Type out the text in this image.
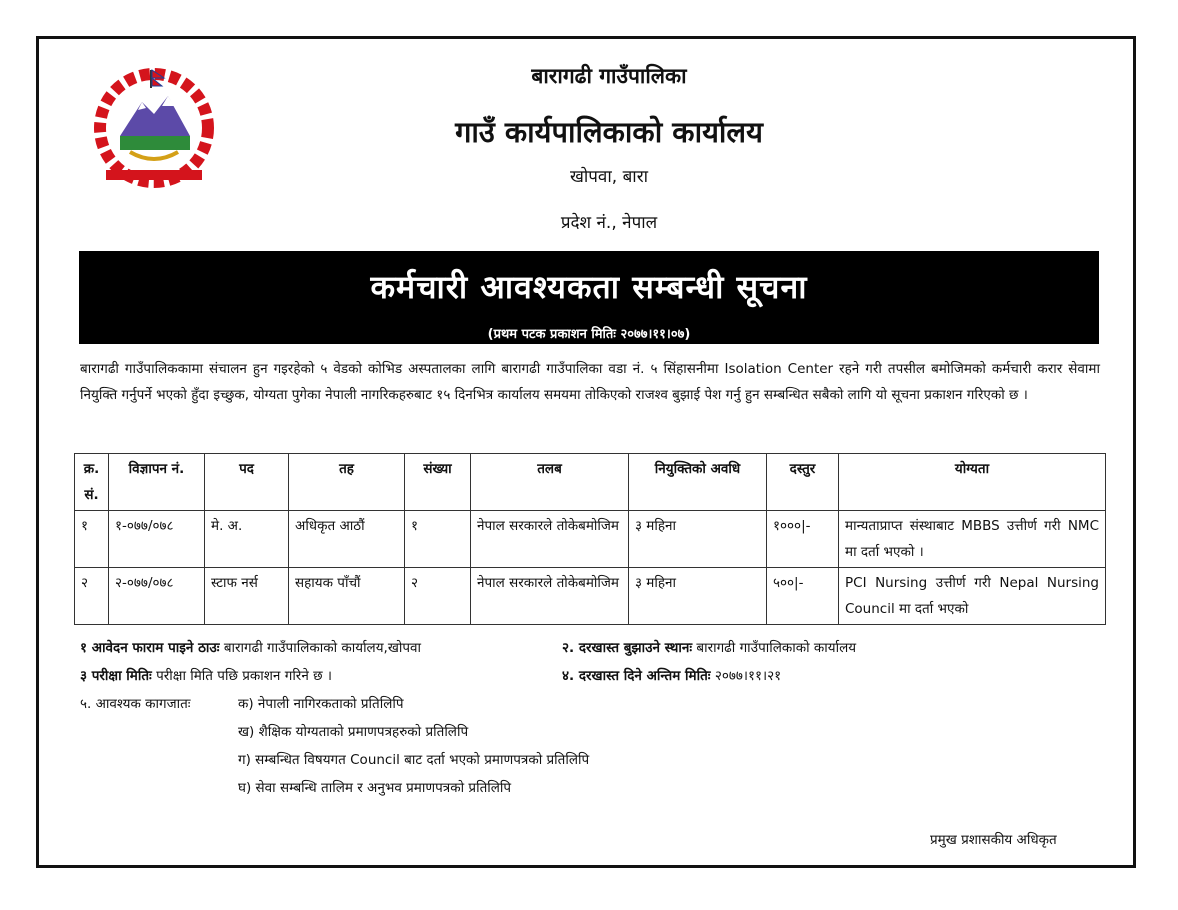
बारागढी गाउँपालिका
गाउँ कार्यपालिकाको कार्यालय
खोपवा, बारा
प्रदेश नं., नेपाल
कर्मचारी आवश्यकता सम्बन्धी सूचना
(प्रथम पटक प्रकाशन मितिः २०७७।११।०७)
बारागढी गाउँपालिककामा संचालन हुन गइरहेको ५ वेडको कोभिड अस्पतालका लागि बारागढी गाउँपालिका वडा नं. ५ सिंहासनीमा Isolation Center रहने गरी तपसील बमोजिमको कर्मचारी करार सेवामा नियुक्ति गर्नुपर्ने भएको हुँदा इच्छुक, योग्यता पुगेका नेपाली नागरिकहरुबाट १५ दिनभित्र कार्यालय समयमा तोकिएको राजश्व बुझाई पेश गर्नु हुन सम्बन्धित सबैको लागि यो सूचना प्रकाशन गरिएको छ ।
क्र. सं.	विज्ञापन नं.	पद	तह	संख्या	तलब	नियुक्तिको अवधि	दस्तुर	योग्यता
१	१-०७७/०७८	मे. अ.	अधिकृत आठौं	१	नेपाल सरकारले तोकेबमोजिम	३ महिना	१०००|-	मान्यताप्राप्त संस्थाबाट MBBS उत्तीर्ण गरी NMC मा दर्ता भएको ।
२	२-०७७/०७८	स्टाफ नर्स	सहायक पाँचौं	२	नेपाल सरकारले तोकेबमोजिम	३ महिना	५००|-	PCI Nursing उत्तीर्ण गरी Nepal Nursing Council मा दर्ता भएको
१ आवेदन फाराम पाइने ठाउः बारागढी गाउँपालिकाको कार्यालय,खोपवा	२. दरखास्त बुझाउने स्थानः बारागढी गाउँपालिकाको कार्यालय
३ परीक्षा मितिः परीक्षा मिति पछि प्रकाशन गरिने छ ।	४. दरखास्त दिने अन्तिम मितिः २०७७।११।२१
५. आवश्यक कागजातः	क) नेपाली नागिरकताको प्रतिलिपि
ख) शैक्षिक योग्यताको प्रमाणपत्रहरुको प्रतिलिपि
ग) सम्बन्धित विषयगत Council बाट दर्ता भएको प्रमाणपत्रको प्रतिलिपि
घ) सेवा सम्बन्धि तालिम र अनुभव प्रमाणपत्रको प्रतिलिपि
प्रमुख प्रशासकीय अधिकृत
